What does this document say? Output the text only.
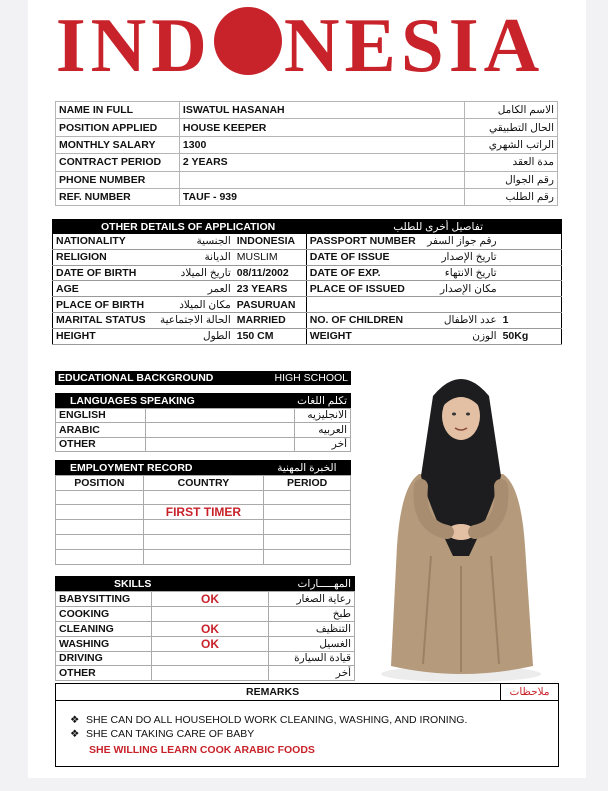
IND NESIA
NAME IN FULL	ISWATUL HASANAH	الاسم الكامل
POSITION APPLIED	HOUSE KEEPER	الحال التطبيقي
MONTHLY SALARY	1300	الراتب الشهري
CONTRACT PERIOD	2 YEARS	مدة العقد
PHONE NUMBER		رقم الجوال
REF. NUMBER	TAUF - 939	رقم الطلب
OTHER DETAILS OF APPLICATION			تفاصيل أخرى للطلب		
NATIONALITY	الجنسية	INDONESIA	PASSPORT NUMBER	رقم جواز السفر	
RELIGION	الديانة	MUSLIM	DATE OF ISSUE	تاريخ الإصدار	
DATE OF BIRTH	تاريخ الميلاد	08/11/2002	DATE OF EXP.	تاريخ الانتهاء	
AGE	العمر	23 YEARS	PLACE OF ISSUED	مكان الإصدار	
PLACE OF BIRTH	مكان الميلاد	PASURUAN			
MARITAL STATUS	الحالة الاجتماعية	MARRIED	NO. OF CHILDREN	عدد الاطفال	1
HEIGHT	الطول	150 CM	WEIGHT	الوزن	50Kg
EDUCATIONAL BACKGROUND	HIGH SCHOOL
LANGUAGES SPEAKING		تكلم اللغات
ENGLISH		الانجليزيه
ARABIC		العربيه
OTHER		أخر
EMPLOYMENT RECORD		الخبرة المهنية
POSITION	COUNTRY	PERIOD

	FIRST TIMER	

SKILLS		المهـــــارات
BABYSITTING	OK	رعاية الصغار
COOKING		طبخ
CLEANING	OK	التنظيف
WASHING	OK	الغسيل
DRIVING		قيادة السيارة
OTHER		أخر
REMARKS	ملاحظات
❖ SHE CAN DO ALL HOUSEHOLD WORK CLEANING, WASHING, AND IRONING.
❖ SHE CAN TAKING CARE OF BABY
SHE WILLING LEARN COOK ARABIC FOODS
